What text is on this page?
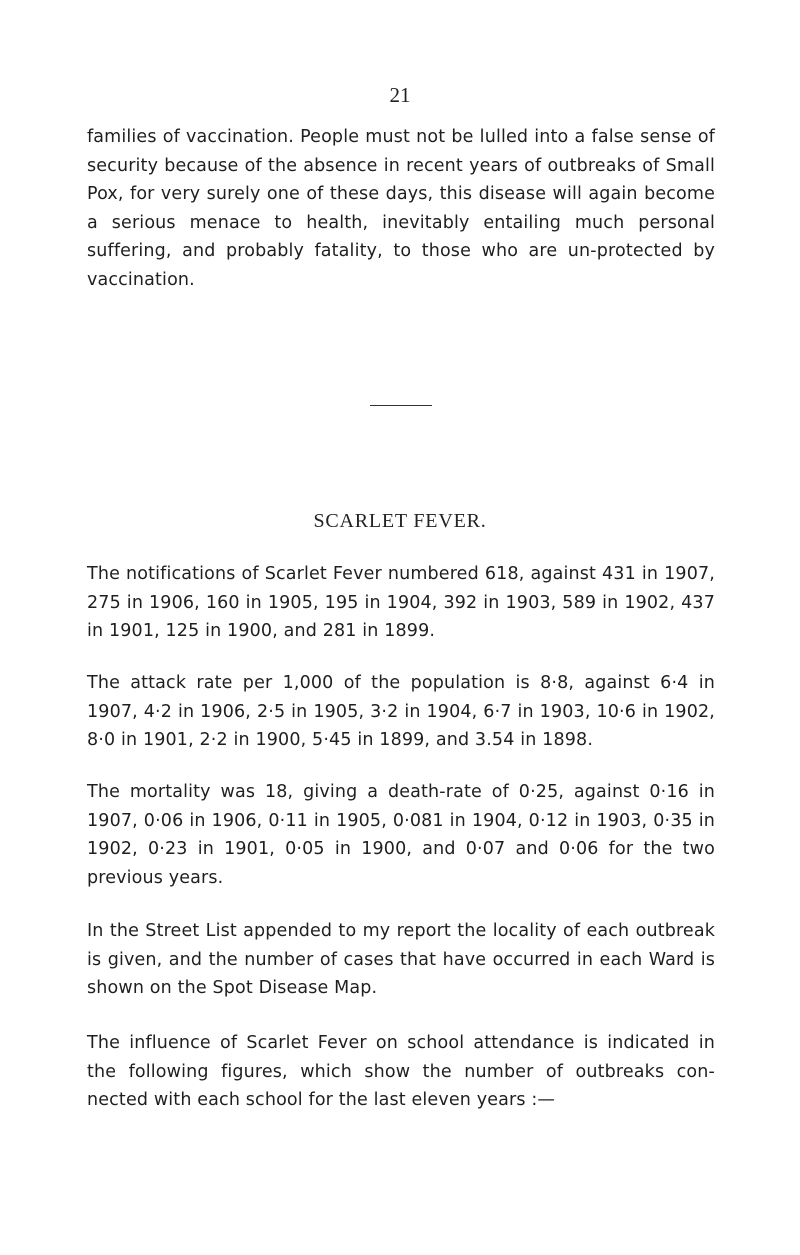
21

families of vaccination. People must not be lulled into a false sense of security because of the absence in recent years of outbreaks of Small Pox, for very surely one of these days, this disease will again become a serious menace to health, inevitably entailing much personal suffering, and probably fatality, to those who are un-protected by vaccination.

SCARLET FEVER.

The notifications of Scarlet Fever numbered 618, against 431 in 1907, 275 in 1906, 160 in 1905, 195 in 1904, 392 in 1903, 589 in 1902, 437 in 1901, 125 in 1900, and 281 in 1899.

The attack rate per 1,000 of the population is 8·8, against 6·4 in 1907, 4·2 in 1906, 2·5 in 1905, 3·2 in 1904, 6·7 in 1903, 10·6 in 1902, 8·0 in 1901, 2·2 in 1900, 5·45 in 1899, and 3.54 in 1898.

The mortality was 18, giving a death-rate of 0·25, against 0·16 in 1907, 0·06 in 1906, 0·11 in 1905, 0·081 in 1904, 0·12 in 1903, 0·35 in 1902, 0·23 in 1901, 0·05 in 1900, and 0·07 and 0·06 for the two previous years.

In the Street List appended to my report the locality of each outbreak is given, and the number of cases that have occurred in each Ward is shown on the Spot Disease Map.

The influence of Scarlet Fever on school attendance is indicated in the following figures, which show the number of outbreaks con-nected with each school for the last eleven years :—
